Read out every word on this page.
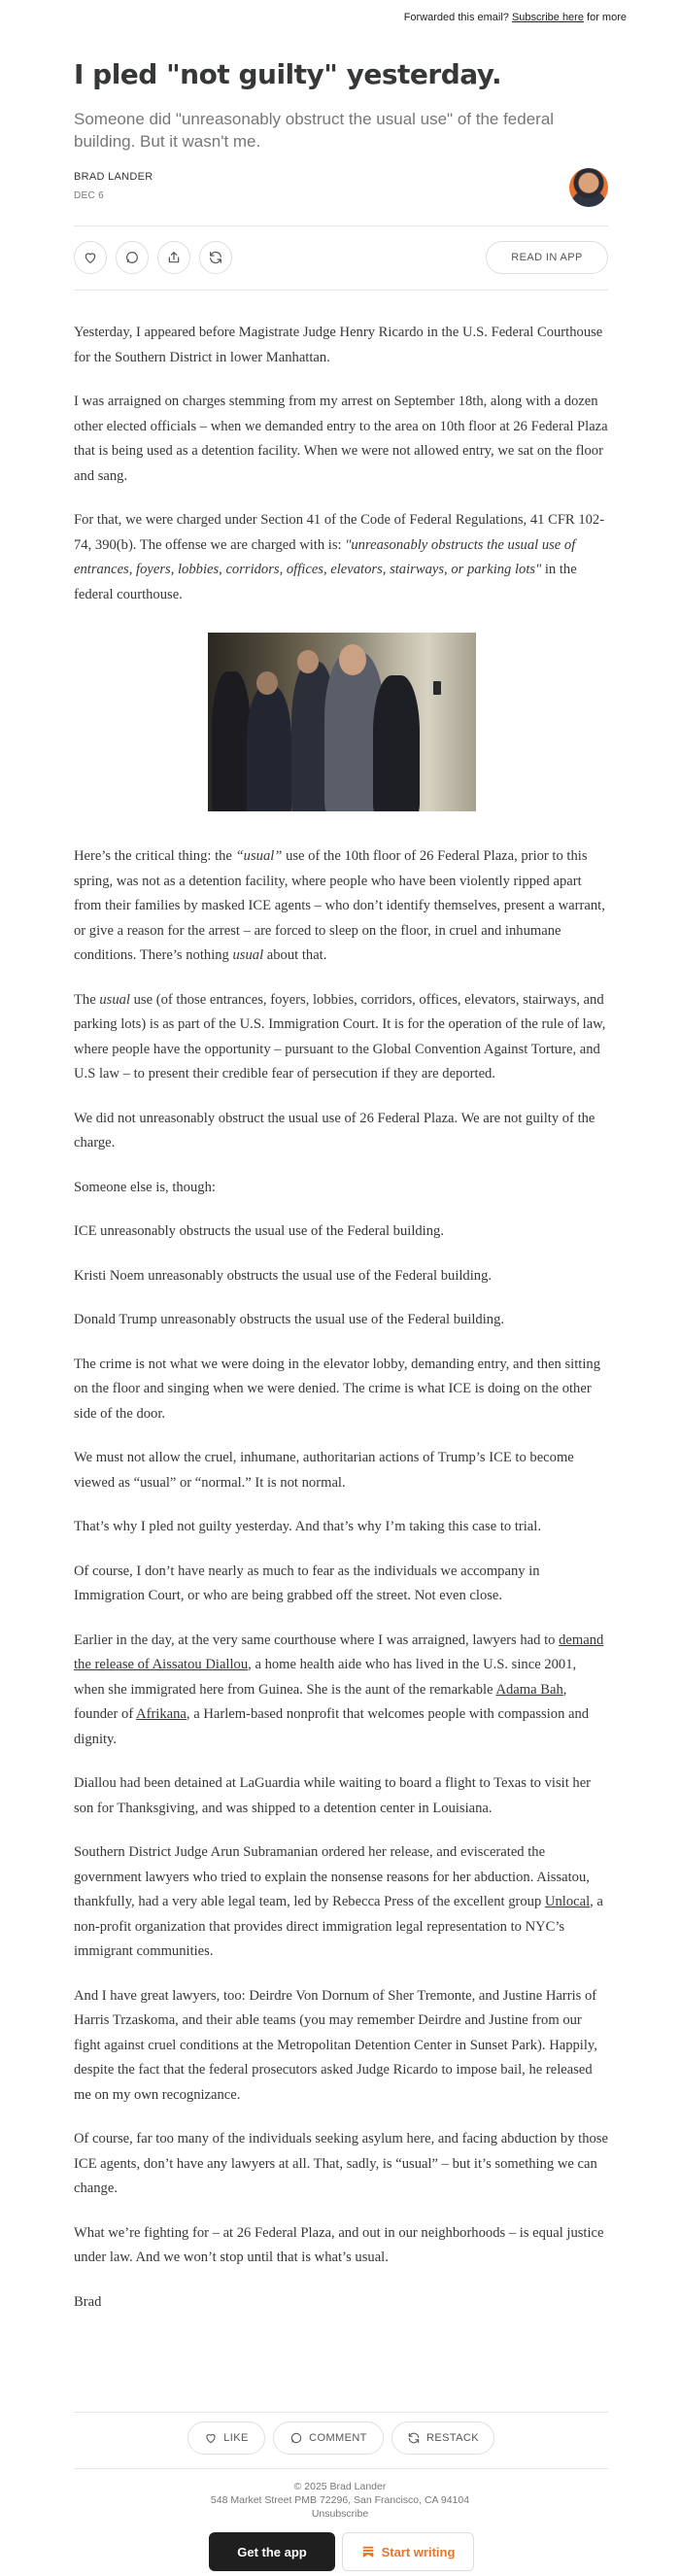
Forwarded this email? Subscribe here for more
I pled "not guilty" yesterday.

Someone did "unreasonably obstruct the usual use" of the federal building. But it wasn't me.

BRAD LANDER
DEC 6
READ IN APP

Yesterday, I appeared before Magistrate Judge Henry Ricardo in the U.S. Federal Courthouse for the Southern District in lower Manhattan.

I was arraigned on charges stemming from my arrest on September 18th, along with a dozen other elected officials – when we demanded entry to the area on 10th floor at 26 Federal Plaza that is being used as a detention facility. When we were not allowed entry, we sat on the floor and sang.

For that, we were charged under Section 41 of the Code of Federal Regulations, 41 CFR 102-74, 390(b). The offense we are charged with is: "unreasonably obstructs the usual use of entrances, foyers, lobbies, corridors, offices, elevators, stairways, or parking lots" in the federal courthouse.

Here’s the critical thing: the “usual” use of the 10th floor of 26 Federal Plaza, prior to this spring, was not as a detention facility, where people who have been violently ripped apart from their families by masked ICE agents – who don’t identify themselves, present a warrant, or give a reason for the arrest – are forced to sleep on the floor, in cruel and inhumane conditions. There’s nothing usual about that.

The usual use (of those entrances, foyers, lobbies, corridors, offices, elevators, stairways, and parking lots) is as part of the U.S. Immigration Court. It is for the operation of the rule of law, where people have the opportunity – pursuant to the Global Convention Against Torture, and U.S law – to present their credible fear of persecution if they are deported.

We did not unreasonably obstruct the usual use of 26 Federal Plaza. We are not guilty of the charge.

Someone else is, though:

ICE unreasonably obstructs the usual use of the Federal building.

Kristi Noem unreasonably obstructs the usual use of the Federal building.

Donald Trump unreasonably obstructs the usual use of the Federal building.

The crime is not what we were doing in the elevator lobby, demanding entry, and then sitting on the floor and singing when we were denied. The crime is what ICE is doing on the other side of the door.

We must not allow the cruel, inhumane, authoritarian actions of Trump’s ICE to become viewed as “usual” or “normal.” It is not normal.

That’s why I pled not guilty yesterday. And that’s why I’m taking this case to trial.

Of course, I don’t have nearly as much to fear as the individuals we accompany in Immigration Court, or who are being grabbed off the street. Not even close.

Earlier in the day, at the very same courthouse where I was arraigned, lawyers had to demand the release of Aissatou Diallou, a home health aide who has lived in the U.S. since 2001, when she immigrated here from Guinea. She is the aunt of the remarkable Adama Bah, founder of Afrikana, a Harlem-based nonprofit that welcomes people with compassion and dignity.

Diallou had been detained at LaGuardia while waiting to board a flight to Texas to visit her son for Thanksgiving, and was shipped to a detention center in Louisiana.

Southern District Judge Arun Subramanian ordered her release, and eviscerated the government lawyers who tried to explain the nonsense reasons for her abduction. Aissatou, thankfully, had a very able legal team, led by Rebecca Press of the excellent group Unlocal, a non-profit organization that provides direct immigration legal representation to NYC’s immigrant communities.

And I have great lawyers, too: Deirdre Von Dornum of Sher Tremonte, and Justine Harris of Harris Trzaskoma, and their able teams (you may remember Deirdre and Justine from our fight against cruel conditions at the Metropolitan Detention Center in Sunset Park). Happily, despite the fact that the federal prosecutors asked Judge Ricardo to impose bail, he released me on my own recognizance.

Of course, far too many of the individuals seeking asylum here, and facing abduction by those ICE agents, don’t have any lawyers at all. That, sadly, is “usual” – but it’s something we can change.

What we’re fighting for – at 26 Federal Plaza, and out in our neighborhoods – is equal justice under law. And we won’t stop until that is what’s usual.

Brad

LIKE	COMMENT	RESTACK
© 2025 Brad Lander
548 Market Street PMB 72296, San Francisco, CA 94104
Unsubscribe
Get the app	Start writing
